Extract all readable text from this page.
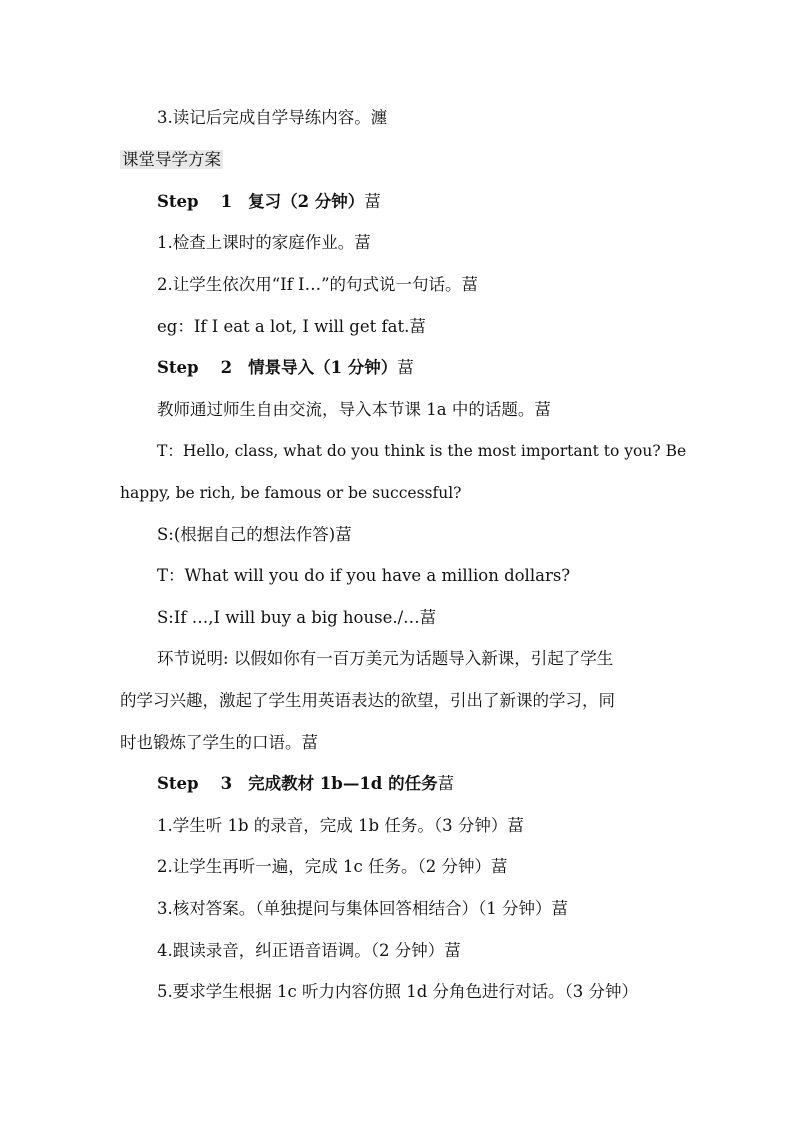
3.读记后完成自学导练内容。瀍
课堂导学方案
Step 1 复习（2 分钟）葍
1.检查上课时的家庭作业。葍
2.让学生依次用“If I…”的句式说一句话。葍
eg：If I eat a lot, I will get fat.葍
Step 2 情景导入（1 分钟）葍
教师通过师生自由交流，导入本节课 1a 中的话题。葍
T：Hello, class, what do you think is the most important to you? Be
happy, be rich, be famous or be successful?
S:(根据自己的想法作答)葍
T：What will you do if you have a million dollars?
S:If …,I will buy a big house./…葍
环节说明: 以假如你有一百万美元为话题导入新课，引起了学生
的学习兴趣，激起了学生用英语表达的欲望，引出了新课的学习，同
时也锻炼了学生的口语。葍
Step 3 完成教材 1b—1d 的任务葍
1.学生听 1b 的录音，完成 1b 任务。（3 分钟）葍
2.让学生再听一遍，完成 1c 任务。（2 分钟）葍
3.核对答案。（单独提问与集体回答相结合）（1 分钟）葍
4.跟读录音，纠正语音语调。（2 分钟）葍
5.要求学生根据 1c 听力内容仿照 1d 分角色进行对话。（3 分钟）
